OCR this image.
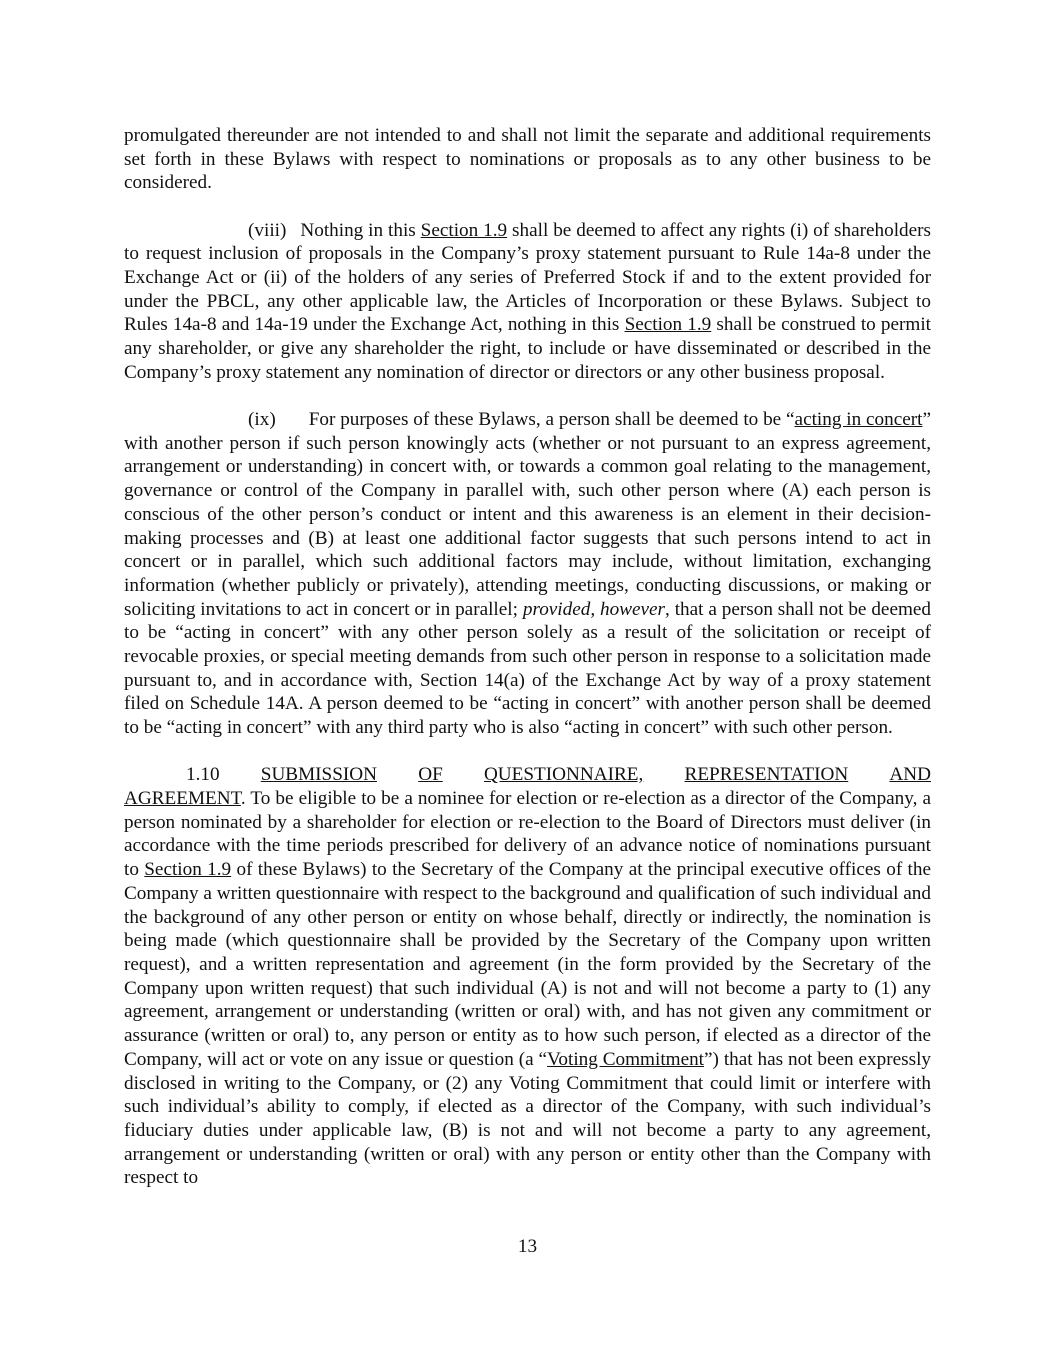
promulgated thereunder are not intended to and shall not limit the separate and additional requirements set forth in these Bylaws with respect to nominations or proposals as to any other business to be considered.

(viii) Nothing in this Section 1.9 shall be deemed to affect any rights (i) of shareholders to request inclusion of proposals in the Company’s proxy statement pursuant to Rule 14a-8 under the Exchange Act or (ii) of the holders of any series of Preferred Stock if and to the extent provided for under the PBCL, any other applicable law, the Articles of Incorporation or these Bylaws. Subject to Rules 14a-8 and 14a-19 under the Exchange Act, nothing in this Section 1.9 shall be construed to permit any shareholder, or give any shareholder the right, to include or have disseminated or described in the Company’s proxy statement any nomination of director or directors or any other business proposal.

(ix) For purposes of these Bylaws, a person shall be deemed to be “acting in concert” with another person if such person knowingly acts (whether or not pursuant to an express agreement, arrangement or understanding) in concert with, or towards a common goal relating to the management, governance or control of the Company in parallel with, such other person where (A) each person is conscious of the other person’s conduct or intent and this awareness is an element in their decision-making processes and (B) at least one additional factor suggests that such persons intend to act in concert or in parallel, which such additional factors may include, without limitation, exchanging information (whether publicly or privately), attending meetings, conducting discussions, or making or soliciting invitations to act in concert or in parallel; provided, however, that a person shall not be deemed to be “acting in concert” with any other person solely as a result of the solicitation or receipt of revocable proxies, or special meeting demands from such other person in response to a solicitation made pursuant to, and in accordance with, Section 14(a) of the Exchange Act by way of a proxy statement filed on Schedule 14A. A person deemed to be “acting in concert” with another person shall be deemed to be “acting in concert” with any third party who is also “acting in concert” with such other person.

1.10 SUBMISSION OF QUESTIONNAIRE, REPRESENTATION AND

AGREEMENT. To be eligible to be a nominee for election or re-election as a director of the Company, a person nominated by a shareholder for election or re-election to the Board of Directors must deliver (in accordance with the time periods prescribed for delivery of an advance notice of nominations pursuant to Section 1.9 of these Bylaws) to the Secretary of the Company at the principal executive offices of the Company a written questionnaire with respect to the background and qualification of such individual and the background of any other person or entity on whose behalf, directly or indirectly, the nomination is being made (which questionnaire shall be provided by the Secretary of the Company upon written request), and a written representation and agreement (in the form provided by the Secretary of the Company upon written request) that such individual (A) is not and will not become a party to (1) any agreement, arrangement or understanding (written or oral) with, and has not given any commitment or assurance (written or oral) to, any person or entity as to how such person, if elected as a director of the Company, will act or vote on any issue or question (a “Voting Commitment”) that has not been expressly disclosed in writing to the Company, or (2) any Voting Commitment that could limit or interfere with such individual’s ability to comply, if elected as a director of the Company, with such individual’s fiduciary duties under applicable law, (B) is not and will not become a party to any agreement, arrangement or understanding (written or oral) with any person or entity other than the Company with respect to

13
